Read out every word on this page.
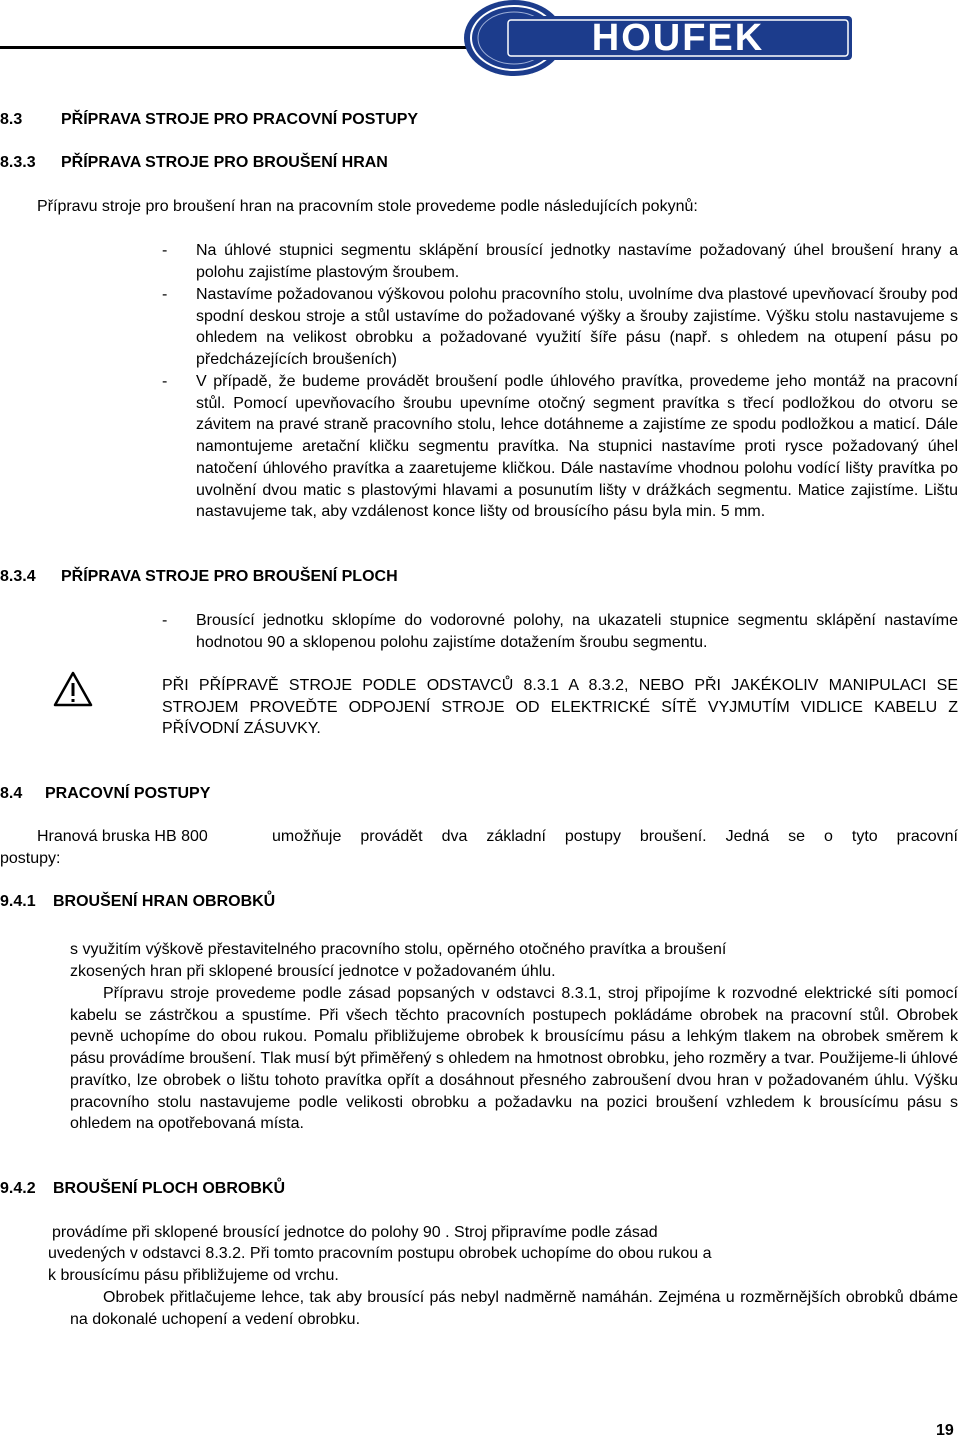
HOUFEK
8.3 PŘÍPRAVA STROJE PRO PRACOVNÍ POSTUPY
8.3.3 PŘÍPRAVA STROJE PRO BROUŠENÍ HRAN
Přípravu stroje pro broušení hran na pracovním stole provedeme podle následujících pokynů:
- Na úhlové stupnici segmentu sklápění brousící jednotky nastavíme požadovaný úhel broušení hrany a polohu zajistíme plastovým šroubem.
- Nastavíme požadovanou výškovou polohu pracovního stolu, uvolníme dva plastové upevňovací šrouby pod spodní deskou stroje a stůl ustavíme do požadované výšky a šrouby zajistíme. Výšku stolu nastavujeme s ohledem na velikost obrobku a požadované využití šíře pásu (např. s ohledem na otupení pásu po předcházejících broušeních)
- V případě, že budeme provádět broušení podle úhlového pravítka, provedeme jeho montáž na pracovní stůl. Pomocí upevňovacího šroubu upevníme otočný segment pravítka s třecí podložkou do otvoru se závitem na pravé straně pracovního stolu, lehce dotáhneme a zajistíme ze spodu podložkou a maticí. Dále namontujeme aretační kličku segmentu pravítka. Na stupnici nastavíme proti rysce požadovaný úhel natočení úhlového pravítka a zaaretujeme kličkou. Dále nastavíme vhodnou polohu vodící lišty pravítka po uvolnění dvou matic s plastovými hlavami a posunutím lišty v drážkách segmentu. Matice zajistíme. Lištu nastavujeme tak, aby vzdálenost konce lišty od brousícího pásu byla min. 5 mm.
8.3.4 PŘÍPRAVA STROJE PRO BROUŠENÍ PLOCH
- Brousící jednotku sklopíme do vodorovné polohy, na ukazateli stupnice segmentu sklápění nastavíme hodnotou 90 a sklopenou polohu zajistíme dotažením šroubu segmentu.
PŘI PŘÍPRAVĚ STROJE PODLE ODSTAVCŮ 8.3.1 A 8.3.2, NEBO PŘI JAKÉKOLIV MANIPULACI SE STROJEM PROVEĎTE ODPOJENÍ STROJE OD ELEKTRICKÉ SÍTĚ VYJMUTÍM VIDLICE KABELU Z PŘÍVODNÍ ZÁSUVKY.
8.4 PRACOVNÍ POSTUPY
Hranová bruska HB 800	umožňuje provádět dva základní postupy broušení. Jedná se o tyto pracovní
postupy:
9.4.1 BROUŠENÍ HRAN OBROBKŮ
s využitím výškově přestavitelného pracovního stolu, opěrného otočného pravítka a broušení
zkosených hran při sklopené brousící jednotce v požadovaném úhlu.
Přípravu stroje provedeme podle zásad popsaných v odstavci 8.3.1, stroj připojíme k rozvodné elektrické síti pomocí kabelu se zástrčkou a spustíme. Při všech těchto pracovních postupech pokládáme obrobek na pracovní stůl. Obrobek pevně uchopíme do obou rukou. Pomalu přibližujeme obrobek k brousícímu pásu a lehkým tlakem na obrobek směrem k pásu provádíme broušení. Tlak musí být přiměřený s ohledem na hmotnost obrobku, jeho rozměry a tvar. Použijeme-li úhlové pravítko, lze obrobek o lištu tohoto pravítka opřít a dosáhnout přesného zabroušení dvou hran v požadovaném úhlu. Výšku pracovního stolu nastavujeme podle velikosti obrobku a požadavku na pozici broušení vzhledem k brousícímu pásu s ohledem na opotřebovaná místa.
9.4.2 BROUŠENÍ PLOCH OBROBKŮ
provádíme při sklopené brousící jednotce do polohy 90 . Stroj připravíme podle zásad
uvedených v odstavci 8.3.2. Při tomto pracovním postupu obrobek uchopíme do obou rukou a
k brousícímu pásu přibližujeme od vrchu.
Obrobek přitlačujeme lehce, tak aby brousící pás nebyl nadměrně namáhán. Zejména u rozměrnějších obrobků dbáme na dokonalé uchopení a vedení obrobku.
19
